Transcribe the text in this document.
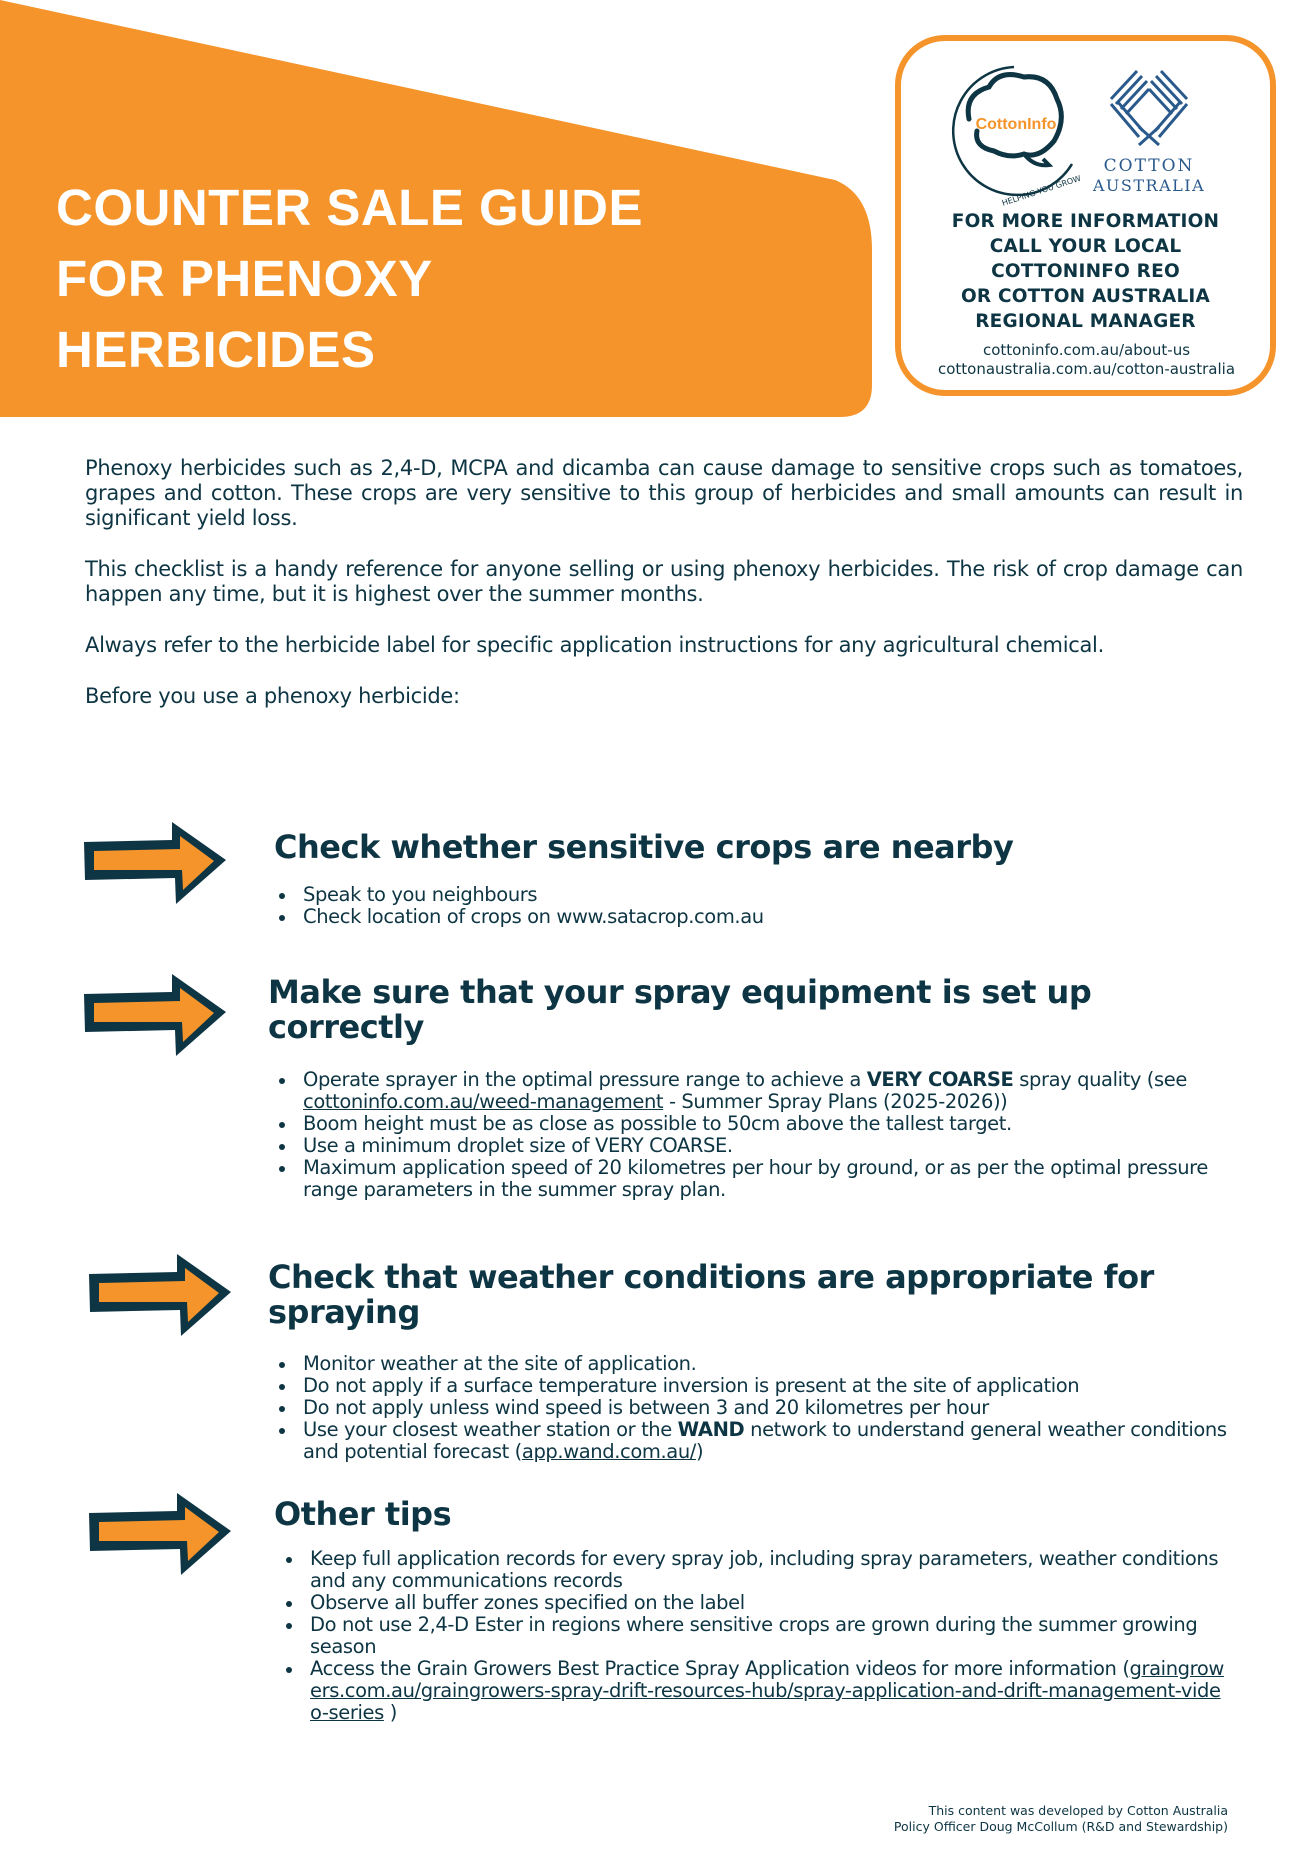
COUNTER SALE GUIDE
FOR PHENOXY
HERBICIDES
CottonInfo
HELPING YOU GROW
COTTON
AUSTRALIA
FOR MORE INFORMATION
CALL YOUR LOCAL
COTTONINFO REO
OR COTTON AUSTRALIA
REGIONAL MANAGER
cottoninfo.com.au/about-us
cottonaustralia.com.au/cotton-australia

Phenoxy herbicides such as 2,4-D, MCPA and dicamba can cause damage to sensitive crops such as tomatoes, grapes and cotton. These crops are very sensitive to this group of herbicides and small amounts can result in significant yield loss.

This checklist is a handy reference for anyone selling or using phenoxy herbicides. The risk of crop damage can happen any time, but it is highest over the summer months.

Always refer to the herbicide label for specific application instructions for any agricultural chemical.

Before you use a phenoxy herbicide:

Check whether sensitive crops are nearby
Speak to you neighbours
Check location of crops on www.satacrop.com.au
Make sure that your spray equipment is set up correctly
Operate sprayer in the optimal pressure range to achieve a VERY COARSE spray quality (see cottoninfo.com.au/weed-management - Summer Spray Plans (2025-2026))
Boom height must be as close as possible to 50cm above the tallest target.
Use a minimum droplet size of VERY COARSE.
Maximum application speed of 20 kilometres per hour by ground, or as per the optimal pressure range parameters in the summer spray plan.
Check that weather conditions are appropriate for spraying
Monitor weather at the site of application.
Do not apply if a surface temperature inversion is present at the site of application
Do not apply unless wind speed is between 3 and 20 kilometres per hour
Use your closest weather station or the WAND network to understand general weather conditions and potential forecast (app.wand.com.au/)
Other tips
Keep full application records for every spray job, including spray parameters, weather conditions and any communications records
Observe all buffer zones specified on the label
Do not use 2,4-D Ester in regions where sensitive crops are grown during the summer growing season
Access the Grain Growers Best Practice Spray Application videos for more information (graingrowers.com.au/graingrowers-spray-drift-resources-hub/spray-application-and-drift-management-video-series )
This content was developed by Cotton Australia
Policy Officer Doug McCollum (R&D and Stewardship)
